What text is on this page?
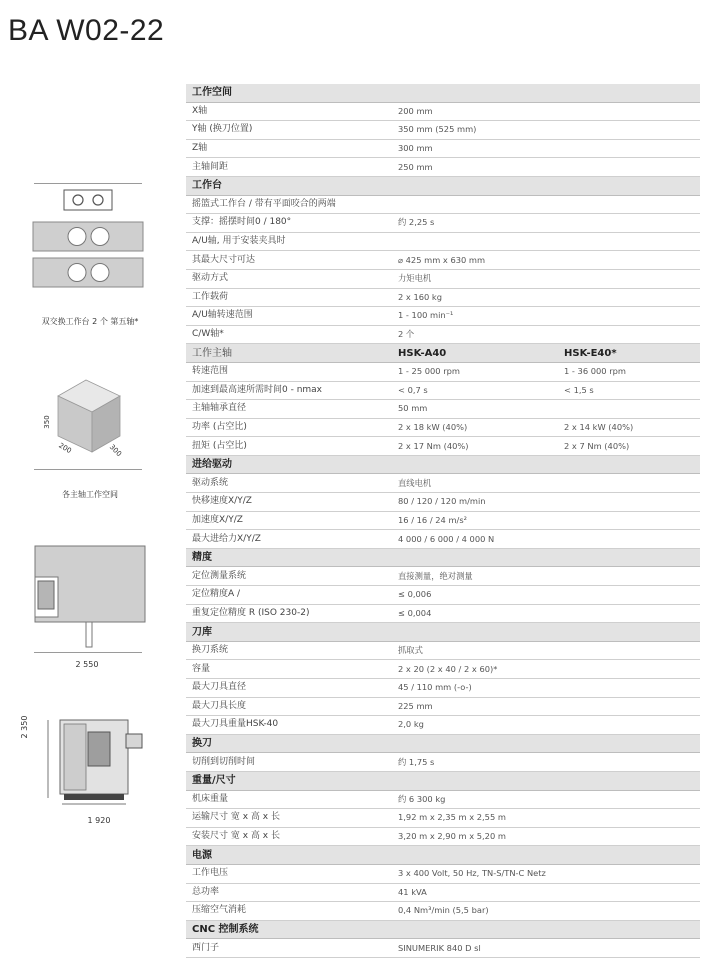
BA W02-22
双交换工作台 2 个 第五轴*
350
200	300
各主轴工作空间
2 550
2 350
1 920
工作空间		
X轴	200 mm	
Y轴 (换刀位置)	350 mm (525 mm)	
Z轴	300 mm	
主轴间距	250 mm	
工作台		
摇篮式工作台 / 带有平面咬合的两端		
支撑：摇摆时间0 / 180°	约 2,25 s	
A/U轴, 用于安装夹具时		
其最大尺寸可达	⌀ 425 mm x 630 mm	
驱动方式	力矩电机	
工作载荷	2 x 160 kg	
A/U轴转速范围	1 - 100 min⁻¹	
C/W轴*	2 个	
工作主轴	HSK-A40	HSK-E40*
转速范围	1 - 25 000 rpm	1 - 36 000 rpm
加速到最高速所需时间0 - nmax	< 0,7 s	< 1,5 s
主轴轴承直径	50 mm	
功率 (占空比)	2 x 18 kW (40%)	2 x 14 kW (40%)
扭矩 (占空比)	2 x 17 Nm (40%)	2 x 7 Nm (40%)
进给驱动		
驱动系统	直线电机	
快移速度X/Y/Z	80 / 120 / 120 m/min	
加速度X/Y/Z	16 / 16 / 24 m/s²	
最大进给力X/Y/Z	4 000 / 6 000 / 4 000 N	
精度		
定位测量系统	直接测量，绝对测量	
定位精度A /	≤ 0,006	
重复定位精度 R (ISO 230-2)	≤ 0,004	
刀库		
换刀系统	抓取式	
容量	2 x 20 (2 x 40 / 2 x 60)*	
最大刀具直径	45 / 110 mm (-o-)	
最大刀具长度	225 mm	
最大刀具重量HSK-40	2,0 kg	
换刀		
切削到切削时间	约 1,75 s	
重量/尺寸		
机床重量	约 6 300 kg	
运输尺寸 宽 x 高 x 长	1,92 m x 2,35 m x 2,55 m	
安装尺寸 宽 x 高 x 长	3,20 m x 2,90 m x 5,20 m	
电源		
工作电压	3 x 400 Volt, 50 Hz, TN-S/TN-C Netz	
总功率	41 kVA	
压缩空气消耗	0,4 Nm³/min (5,5 bar)	
CNC 控制系统		
西门子	SINUMERIK 840 D sl	
